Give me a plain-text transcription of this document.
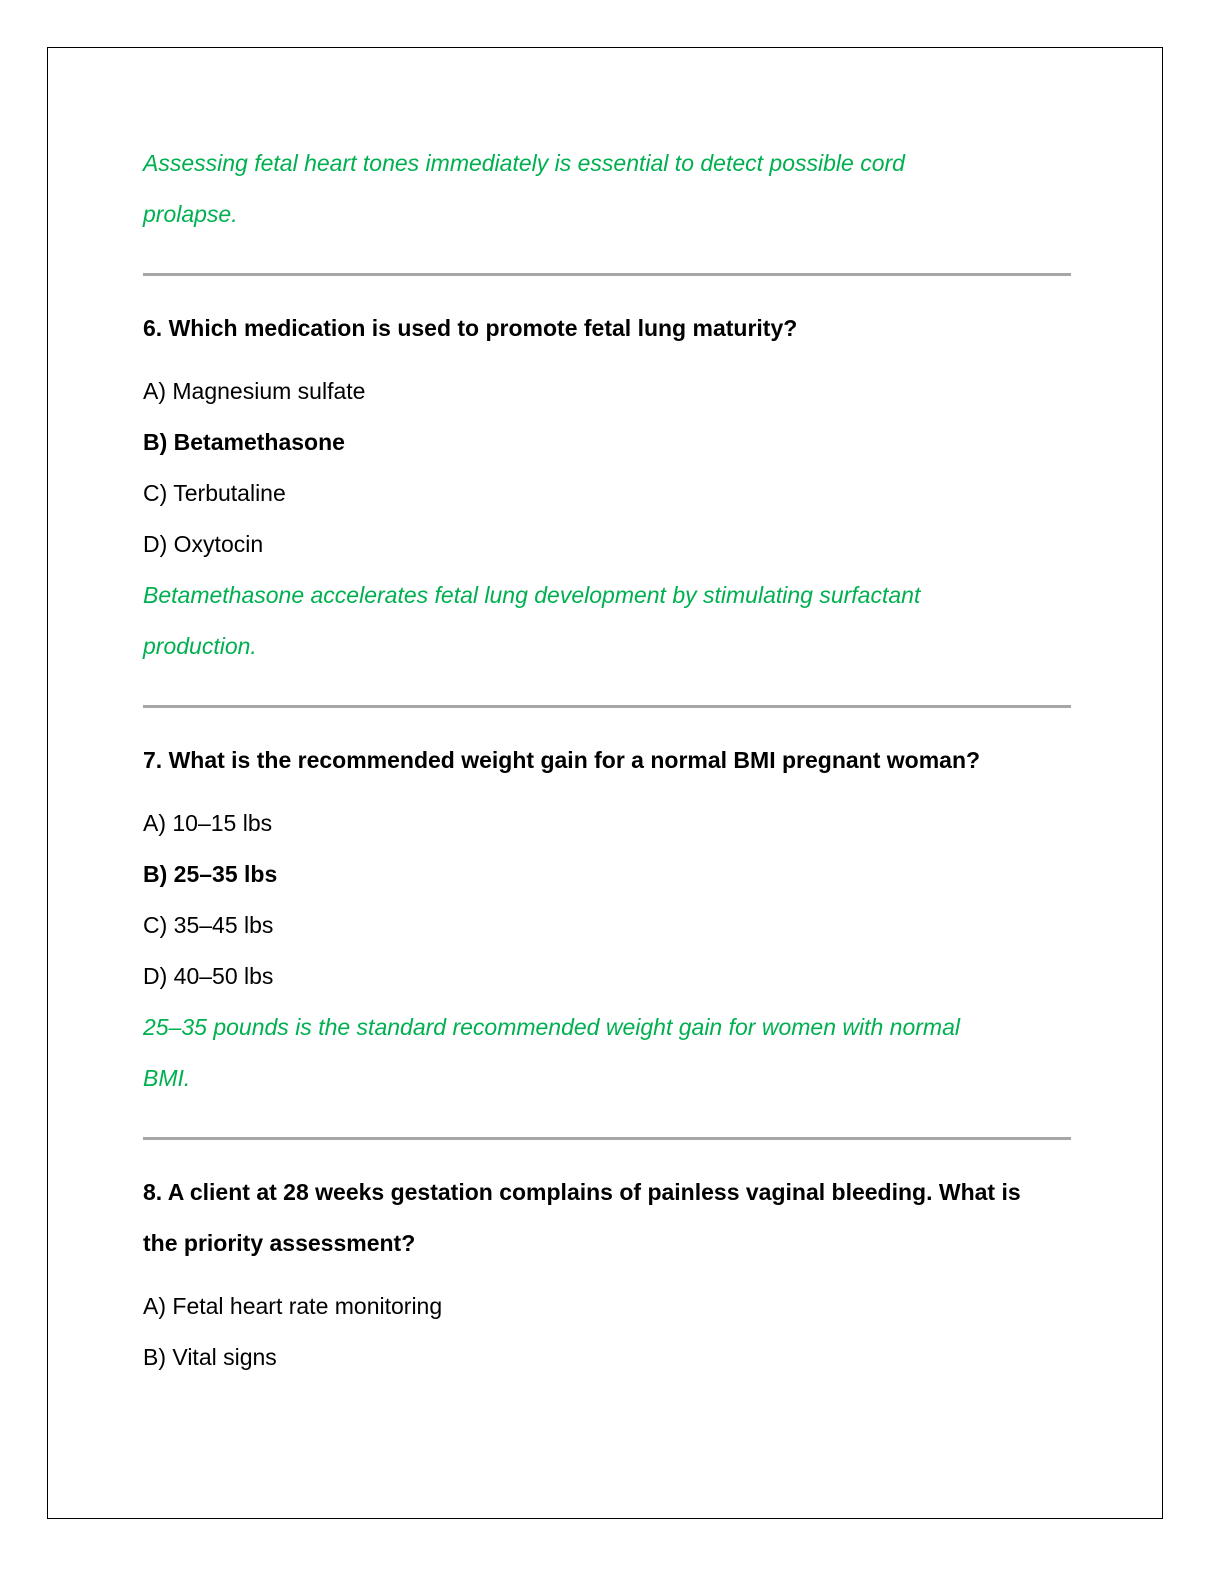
Assessing fetal heart tones immediately is essential to detect possible cord

prolapse.

6. Which medication is used to promote fetal lung maturity?

A) Magnesium sulfate

B) Betamethasone

C) Terbutaline

D) Oxytocin

Betamethasone accelerates fetal lung development by stimulating surfactant

production.

7. What is the recommended weight gain for a normal BMI pregnant woman?

A) 10–15 lbs

B) 25–35 lbs

C) 35–45 lbs

D) 40–50 lbs

25–35 pounds is the standard recommended weight gain for women with normal

BMI.

8. A client at 28 weeks gestation complains of painless vaginal bleeding. What is

the priority assessment?

A) Fetal heart rate monitoring

B) Vital signs
